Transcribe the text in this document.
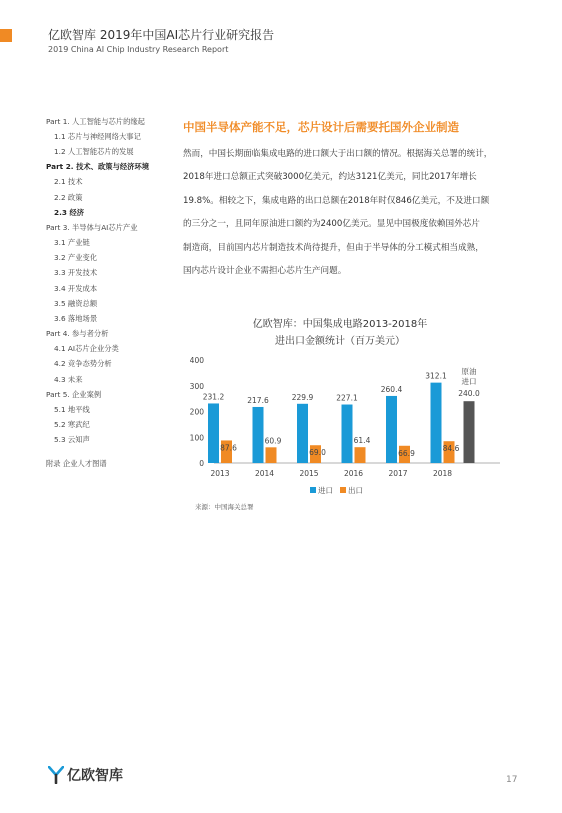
亿欧智库 2019年中国AI芯片行业研究报告
2019 China AI Chip Industry Research Report
Part 1. 人工智能与芯片的缘起
1.1 芯片与神经网络大事记
1.2 人工智能芯片的发展
Part 2. 技术、政策与经济环境
2.1 技术
2.2 政策
2.3 经济
Part 3. 半导体与AI芯片产业
3.1 产业链
3.2 产业变化
3.3 开发技术
3.4 开发成本
3.5 融资总额
3.6 落地场景
Part 4. 参与者分析
4.1 AI芯片企业分类
4.2 竞争态势分析
4.3 未来
Part 5. 企业案例
5.1 地平线
5.2 寒武纪
5.3 云知声
附录 企业人才图谱
中国半导体产能不足，芯片设计后需要托国外企业制造

然而，中国长期面临集成电路的进口额大于出口额的情况。根据海关总署的统计，

2018年进口总额正式突破3000亿美元，约达3121亿美元，同比2017年增长

19.8%。相较之下，集成电路的出口总额在2018年时仅846亿美元，不及进口额

的三分之一，且同年原油进口额约为2400亿美元。显见中国极度依赖国外芯片

制造商，目前国内芯片制造技术尚待提升，但由于半导体的分工模式相当成熟，

国内芯片设计企业不需担心芯片生产问题。

亿欧智库：中国集成电路2013-2018年
进出口金额统计（百万美元）
0
100
200
300
400
231.2
87.6
2013
217.6
60.9
2014
229.9
69.0
2015
227.1
61.4
2016
260.4
66.9
2017
312.1
84.6
2018
240.0
原油
进口
进口 出口
来源：中国海关总署
亿欧智库	17
